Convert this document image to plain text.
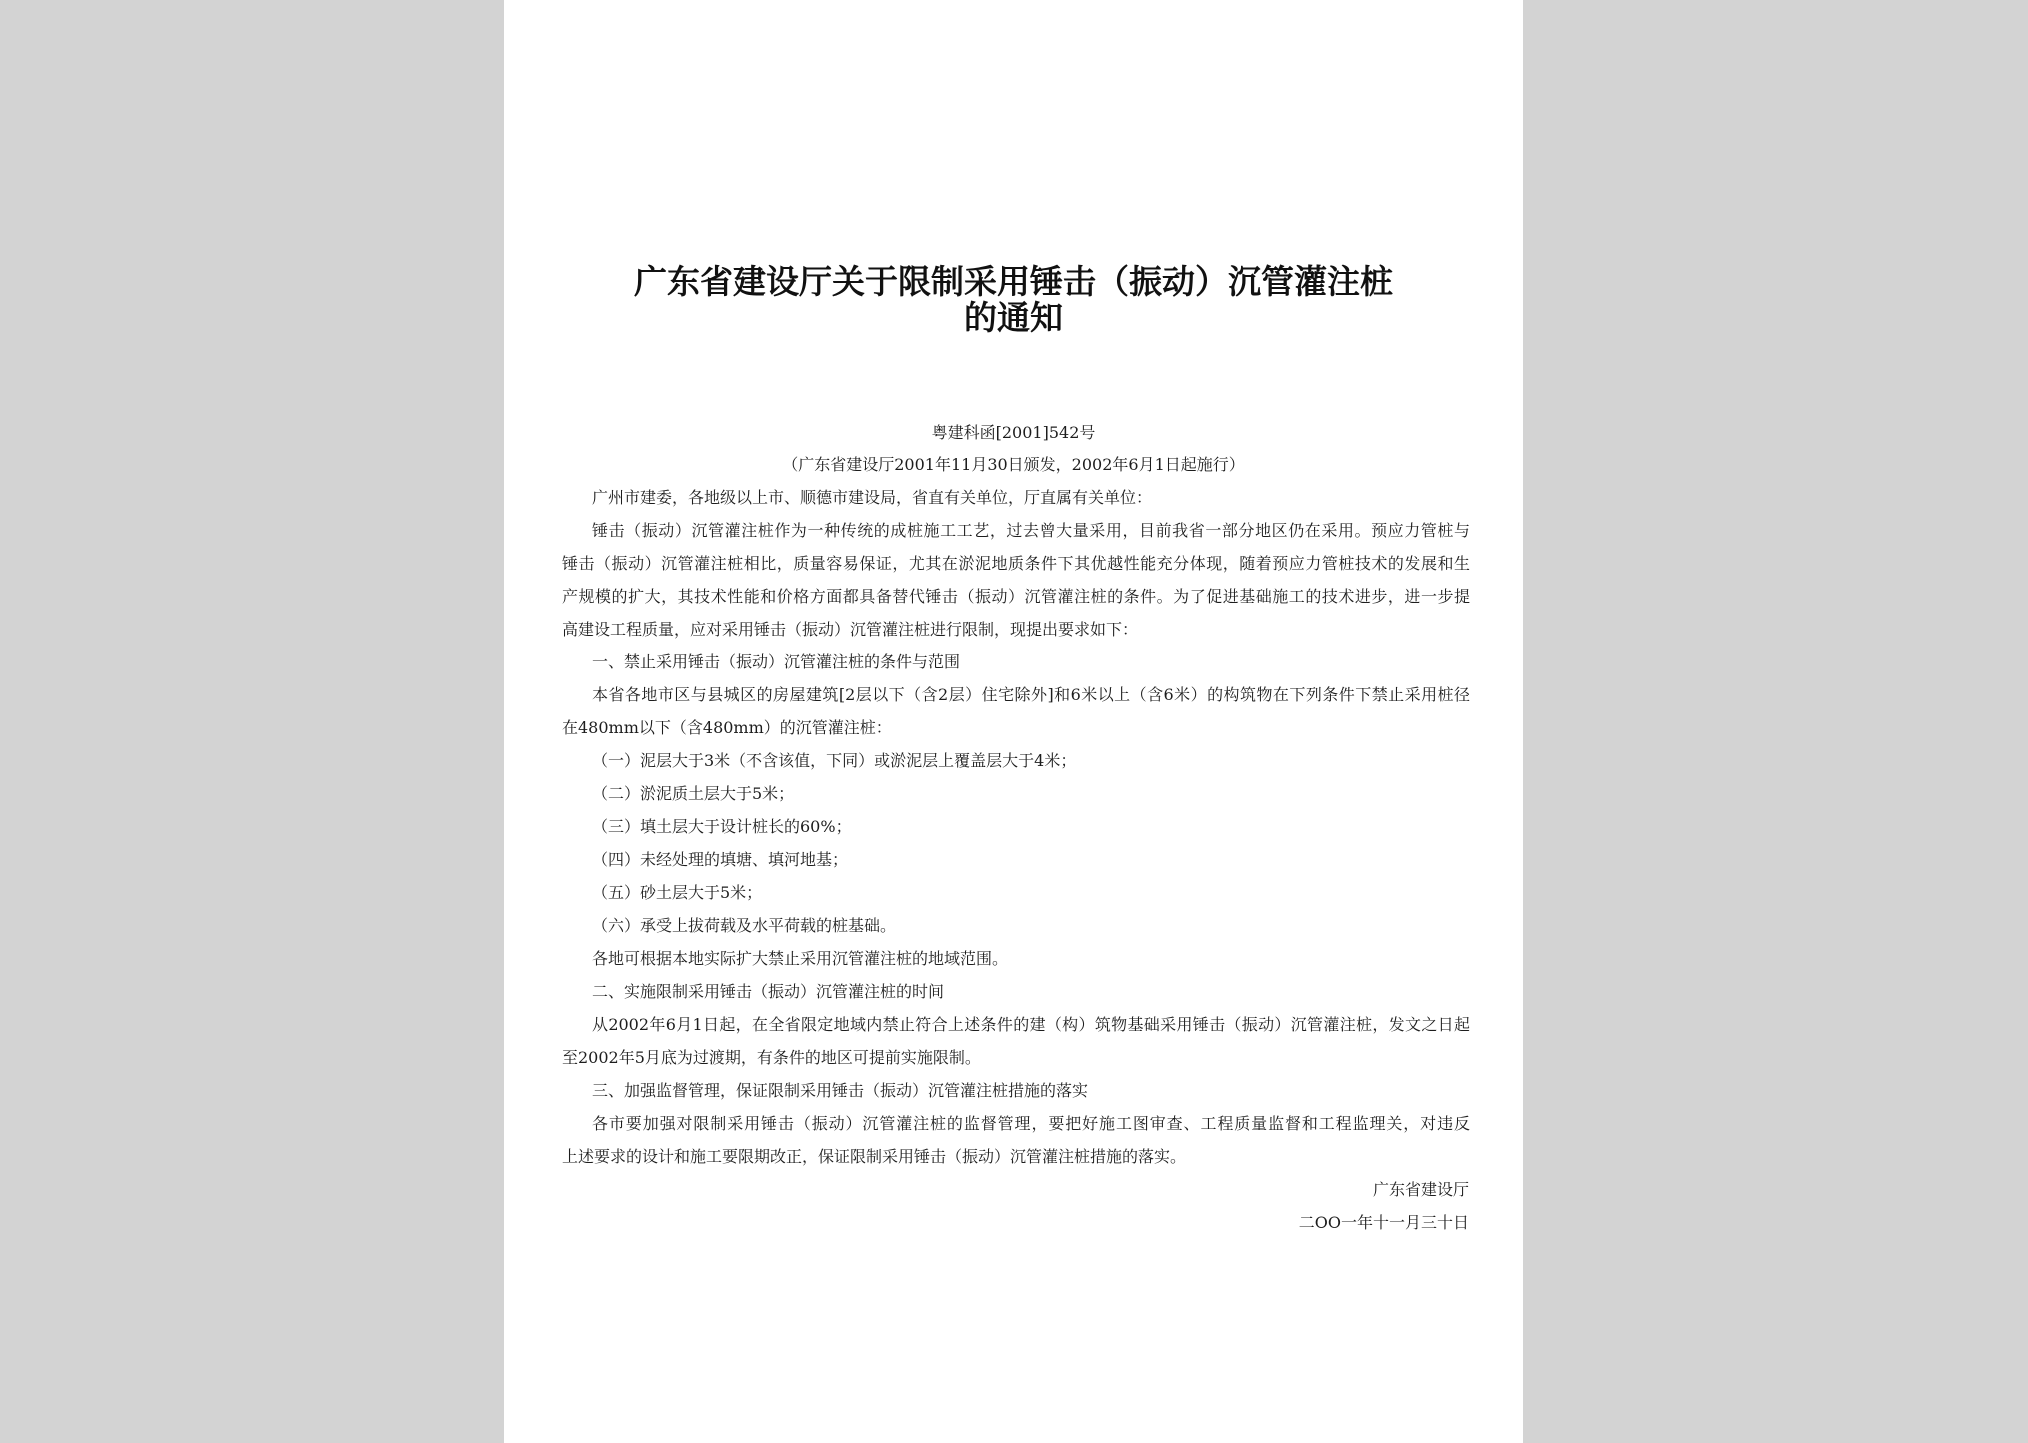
广东省建设厅关于限制采用锤击（振动）沉管灌注桩
的通知
粤建科函[2001]542号
（广东省建设厅2001年11月30日颁发，2002年6月1日起施行）
广州市建委，各地级以上市、顺德市建设局，省直有关单位，厅直属有关单位：
锤击（振动）沉管灌注桩作为一种传统的成桩施工工艺，过去曾大量采用，目前我省一部分地区仍在采用。预应力管桩与
锤击（振动）沉管灌注桩相比，质量容易保证，尤其在淤泥地质条件下其优越性能充分体现，随着预应力管桩技术的发展和生
产规模的扩大，其技术性能和价格方面都具备替代锤击（振动）沉管灌注桩的条件。为了促进基础施工的技术进步，进一步提
高建设工程质量，应对采用锤击（振动）沉管灌注桩进行限制，现提出要求如下：
一、禁止采用锤击（振动）沉管灌注桩的条件与范围
本省各地市区与县城区的房屋建筑[2层以下（含2层）住宅除外]和6米以上（含6米）的构筑物在下列条件下禁止采用桩径
在480mm以下（含480mm）的沉管灌注桩：
（一）泥层大于3米（不含该值，下同）或淤泥层上覆盖层大于4米；
（二）淤泥质土层大于5米；
（三）填土层大于设计桩长的60%；
（四）未经处理的填塘、填河地基；
（五）砂土层大于5米；
（六）承受上拔荷载及水平荷载的桩基础。
各地可根据本地实际扩大禁止采用沉管灌注桩的地域范围。
二、实施限制采用锤击（振动）沉管灌注桩的时间
从2002年6月1日起，在全省限定地域内禁止符合上述条件的建（构）筑物基础采用锤击（振动）沉管灌注桩，发文之日起
至2002年5月底为过渡期，有条件的地区可提前实施限制。
三、加强监督管理，保证限制采用锤击（振动）沉管灌注桩措施的落实
各市要加强对限制采用锤击（振动）沉管灌注桩的监督管理，要把好施工图审查、工程质量监督和工程监理关，对违反
上述要求的设计和施工要限期改正，保证限制采用锤击（振动）沉管灌注桩措施的落实。
广东省建设厅
二OO一年十一月三十日
